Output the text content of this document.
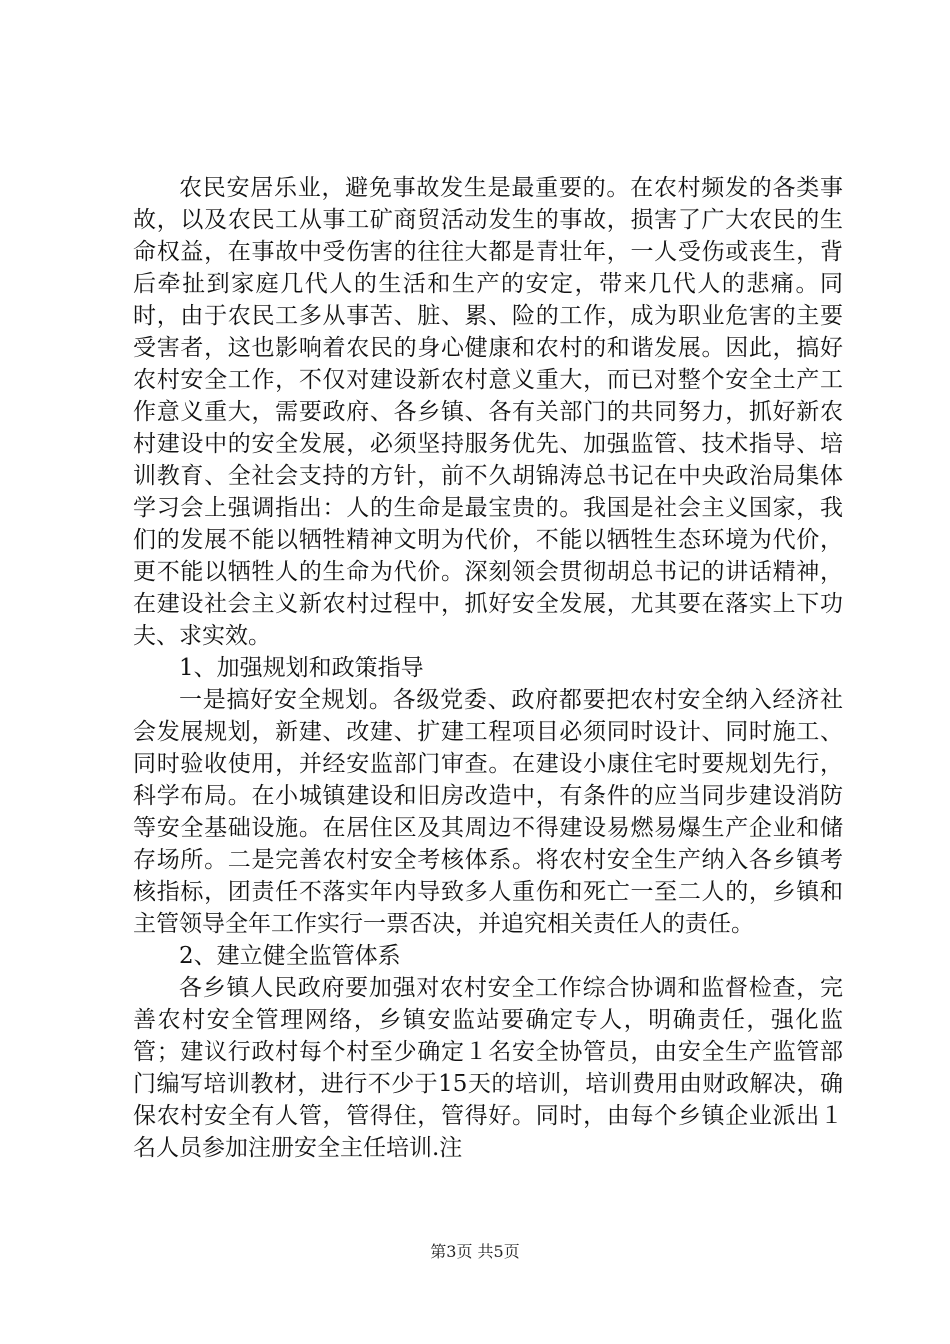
农民安居乐业，避免事故发生是最重要的。在农村频发的各类事故，以及农民工从事工矿商贸活动发生的事故，损害了广大农民的生命权益，在事故中受伤害的往往大都是青壮年，一人受伤或丧生，背后牵扯到家庭几代人的生活和生产的安定，带来几代人的悲痛。同时，由于农民工多从事苦、脏、累、险的工作，成为职业危害的主要受害者，这也影响着农民的身心健康和农村的和谐发展。因此，搞好农村安全工作，不仅对建设新农村意义重大，而已对整个安全土产工作意义重大，需要政府、各乡镇、各有关部门的共同努力，抓好新农村建设中的安全发展，必须坚持服务优先、加强监管、技术指导、培训教育、全社会支持的方针，前不久胡锦涛总书记在中央政治局集体学习会上强调指出：人的生命是最宝贵的。我国是社会主义国家，我们的发展不能以牺牲精神文明为代价，不能以牺牲生态环境为代价，更不能以牺牲人的生命为代价。深刻领会贯彻胡总书记的讲话精神，在建设社会主义新农村过程中，抓好安全发展，尤其要在落实上下功夫、求实效。

1、加强规划和政策指导

一是搞好安全规划。各级党委、政府都要把农村安全纳入经济社会发展规划，新建、改建、扩建工程项目必须同时设计、同时施工、同时验收使用，并经安监部门审查。在建设小康住宅时要规划先行，科学布局。在小城镇建设和旧房改造中，有条件的应当同步建设消防等安全基础设施。在居住区及其周边不得建设易燃易爆生产企业和储存场所。二是完善农村安全考核体系。将农村安全生产纳入各乡镇考核指标，团责任不落实年内导致多人重伤和死亡一至二人的，乡镇和主管领导全年工作实行一票否决，并追究相关责任人的责任。

2、建立健全监管体系

各乡镇人民政府要加强对农村安全工作综合协调和监督检查，完善农村安全管理网络，乡镇安监站要确定专人，明确责任，强化监管；建议行政村每个村至少确定１名安全协管员，由安全生产监管部门编写培训教材，进行不少于15天的培训，培训费用由财政解决，确保农村安全有人管，管得住，管得好。同时，由每个乡镇企业派出１名人员参加注册安全主任培训.注

第3页 共5页
